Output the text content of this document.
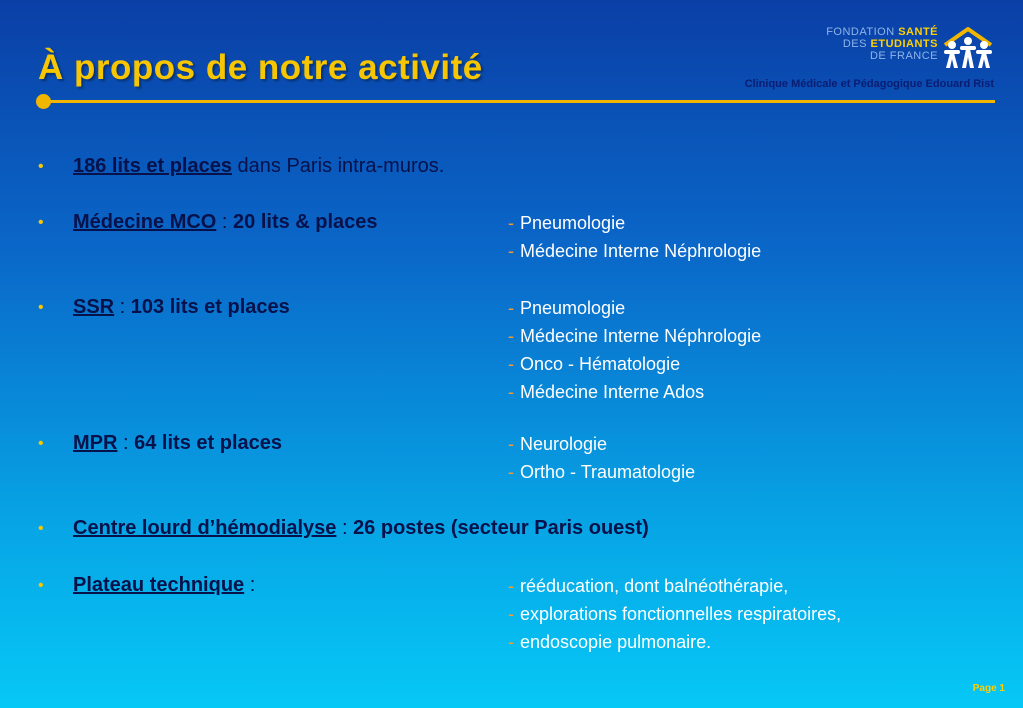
À propos de notre activité
FONDATION SANTÉ
DES ETUDIANTS
DE FRANCE
Clinique Médicale et Pédagogique Edouard Rist
• 186 lits et places dans Paris intra-muros.
• Médecine MCO : 20 lits & places
• SSR : 103 lits et places
• MPR : 64 lits et places
• Centre lourd d’hémodialyse : 26 postes (secteur Paris ouest)
• Plateau technique :
- Pneumologie
- Médecine Interne Néphrologie
- Pneumologie
- Médecine Interne Néphrologie
- Onco - Hématologie
- Médecine Interne Ados
- Neurologie
- Ortho - Traumatologie
- rééducation, dont balnéothérapie,
- explorations fonctionnelles respiratoires,
- endoscopie pulmonaire.
Page 1
